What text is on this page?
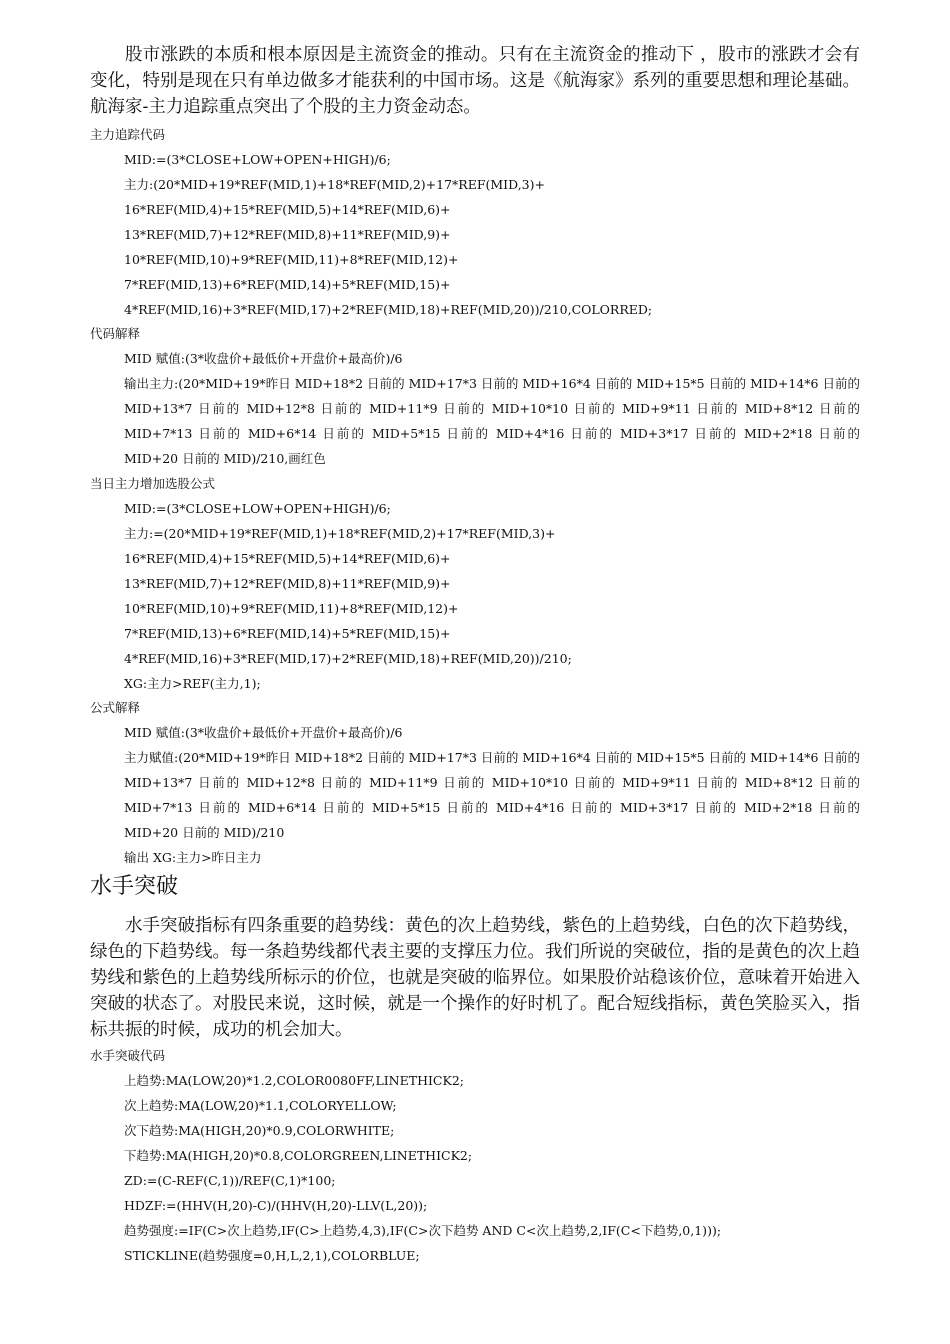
股市涨跌的本质和根本原因是主流资金的推动。只有在主流资金的推动下 ，股市的涨跌才会有变化，特别是现在只有单边做多才能获利的中国市场。这是《航海家》系列的重要思想和理论基础。航海家-主力追踪重点突出了个股的主力资金动态。

主力追踪代码

MID:=(3*CLOSE+LOW+OPEN+HIGH)/6;

主力:(20*MID+19*REF(MID,1)+18*REF(MID,2)+17*REF(MID,3)+

16*REF(MID,4)+15*REF(MID,5)+14*REF(MID,6)+

13*REF(MID,7)+12*REF(MID,8)+11*REF(MID,9)+

10*REF(MID,10)+9*REF(MID,11)+8*REF(MID,12)+

7*REF(MID,13)+6*REF(MID,14)+5*REF(MID,15)+

4*REF(MID,16)+3*REF(MID,17)+2*REF(MID,18)+REF(MID,20))/210,COLORRED;

代码解释

MID 赋值:(3*收盘价+最低价+开盘价+最高价)/6

输出主力:(20*MID+19*昨日 MID+18*2 日前的 MID+17*3 日前的 MID+16*4 日前的 MID+15*5 日前的 MID+14*6 日前的 MID+13*7 日前的 MID+12*8 日前的 MID+11*9 日前的 MID+10*10 日前的 MID+9*11 日前的 MID+8*12 日前的 MID+7*13 日前的 MID+6*14 日前的 MID+5*15 日前的 MID+4*16 日前的 MID+3*17 日前的 MID+2*18 日前的 MID+20 日前的 MID)/210,画红色

当日主力增加选股公式

MID:=(3*CLOSE+LOW+OPEN+HIGH)/6;

主力:=(20*MID+19*REF(MID,1)+18*REF(MID,2)+17*REF(MID,3)+

16*REF(MID,4)+15*REF(MID,5)+14*REF(MID,6)+

13*REF(MID,7)+12*REF(MID,8)+11*REF(MID,9)+

10*REF(MID,10)+9*REF(MID,11)+8*REF(MID,12)+

7*REF(MID,13)+6*REF(MID,14)+5*REF(MID,15)+

4*REF(MID,16)+3*REF(MID,17)+2*REF(MID,18)+REF(MID,20))/210;

XG:主力>REF(主力,1);

公式解释

MID 赋值:(3*收盘价+最低价+开盘价+最高价)/6

主力赋值:(20*MID+19*昨日 MID+18*2 日前的 MID+17*3 日前的 MID+16*4 日前的 MID+15*5 日前的 MID+14*6 日前的 MID+13*7 日前的 MID+12*8 日前的 MID+11*9 日前的 MID+10*10 日前的 MID+9*11 日前的 MID+8*12 日前的 MID+7*13 日前的 MID+6*14 日前的 MID+5*15 日前的 MID+4*16 日前的 MID+3*17 日前的 MID+2*18 日前的 MID+20 日前的 MID)/210

输出 XG:主力>昨日主力

水手突破

水手突破指标有四条重要的趋势线：黄色的次上趋势线，紫色的上趋势线，白色的次下趋势线，绿色的下趋势线。每一条趋势线都代表主要的支撑压力位。我们所说的突破位，指的是黄色的次上趋势线和紫色的上趋势线所标示的价位，也就是突破的临界位。如果股价站稳该价位，意味着开始进入突破的状态了。对股民来说，这时候，就是一个操作的好时机了。配合短线指标，黄色笑脸买入，指标共振的时候，成功的机会加大。

水手突破代码

上趋势:MA(LOW,20)*1.2,COLOR0080FF,LINETHICK2;

次上趋势:MA(LOW,20)*1.1,COLORYELLOW;

次下趋势:MA(HIGH,20)*0.9,COLORWHITE;

下趋势:MA(HIGH,20)*0.8,COLORGREEN,LINETHICK2;

ZD:=(C-REF(C,1))/REF(C,1)*100;

HDZF:=(HHV(H,20)-C)/(HHV(H,20)-LLV(L,20));

趋势强度:=IF(C>次上趋势,IF(C>上趋势,4,3),IF(C>次下趋势 AND C<次上趋势,2,IF(C<下趋势,0,1)));

STICKLINE(趋势强度=0,H,L,2,1),COLORBLUE;
